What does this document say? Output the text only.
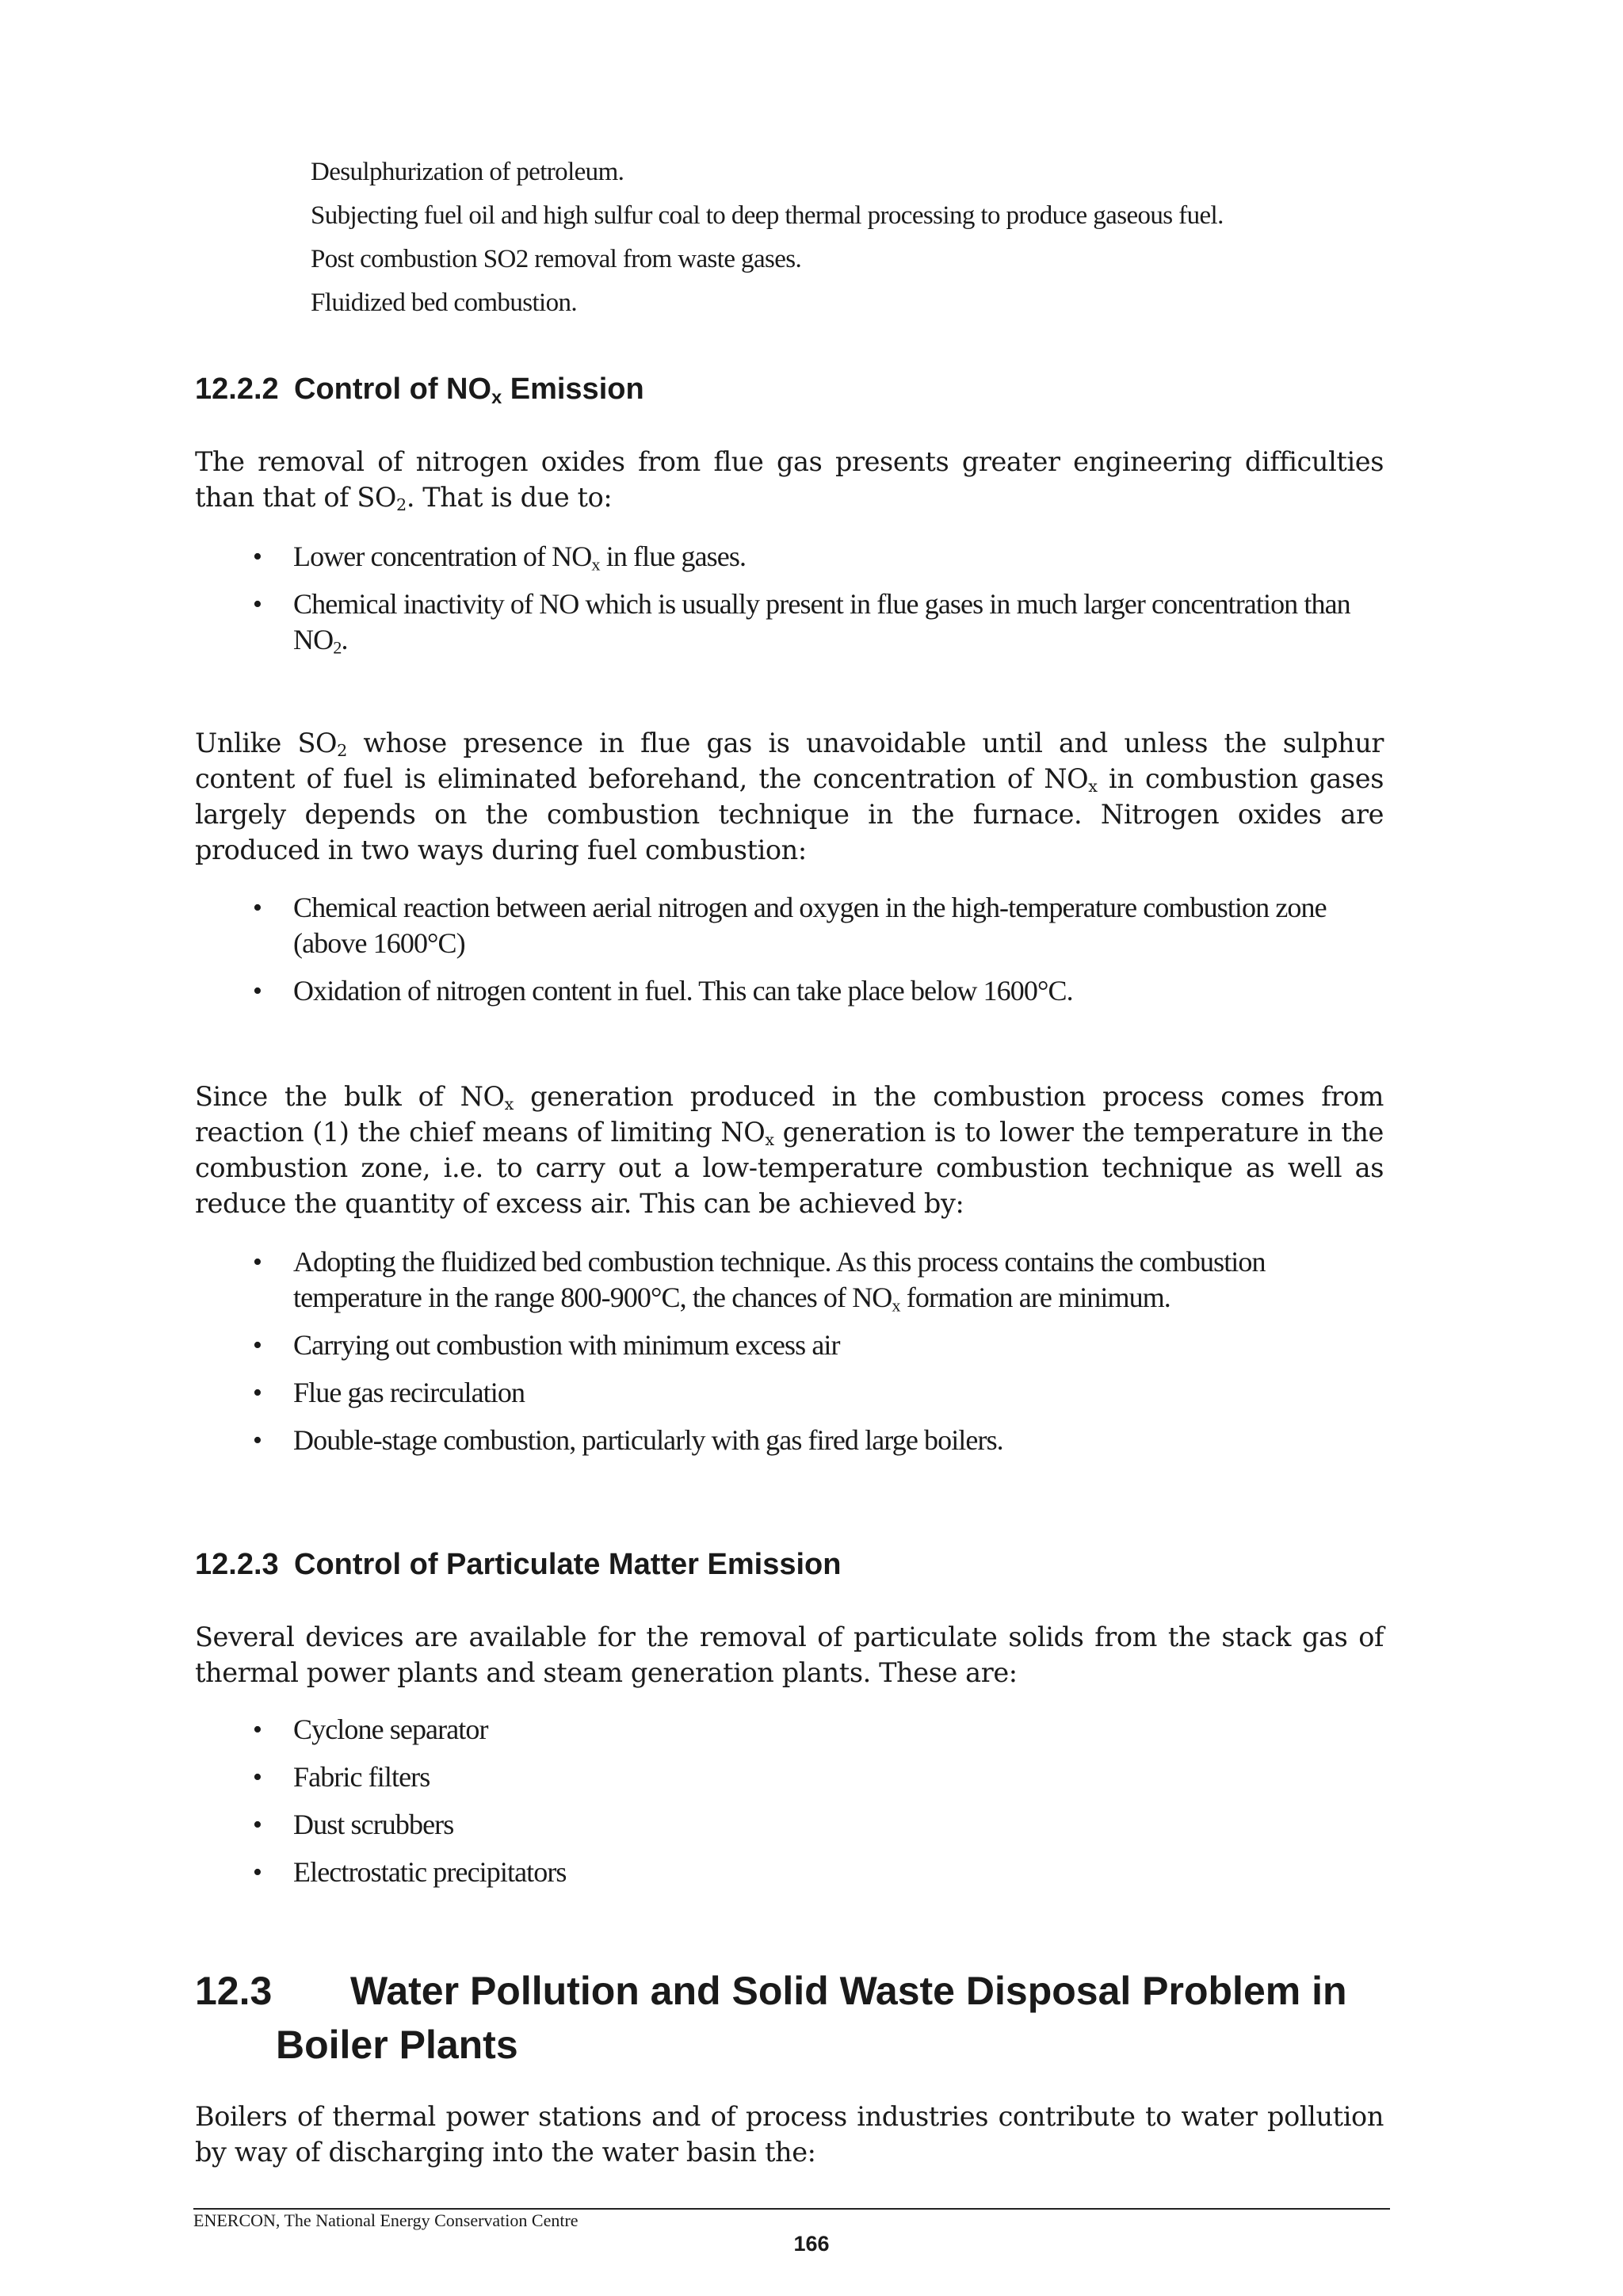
Desulphurization of petroleum.
Subjecting fuel oil and high sulfur coal to deep thermal processing to produce gaseous fuel.
Post combustion SO2 removal from waste gases.
Fluidized bed combustion.
12.2.2 Control of $NO_x$ Emission
The removal of nitrogen oxides from flue gas presents greater engineering difficulties than that of $SO_2$. That is due to:
• Lower concentration of $NO_x$ in flue gases.
• Chemical inactivity of NO which is usually present in flue gases in much larger concentration than $NO_2$.
Unlike $SO_2$ whose presence in flue gas is unavoidable until and unless the sulphur content of fuel is eliminated beforehand, the concentration of $NO_x$ in combustion gases largely depends on the combustion technique in the furnace. Nitrogen oxides are produced in two ways during fuel combustion:
• Chemical reaction between aerial nitrogen and oxygen in the high-temperature combustion zone (above 1600°C)
• Oxidation of nitrogen content in fuel. This can take place below 1600°C.
Since the bulk of $NO_x$ generation produced in the combustion process comes from reaction (1) the chief means of limiting $NO_x$ generation is to lower the temperature in the combustion zone, i.e. to carry out a low-temperature combustion technique as well as reduce the quantity of excess air. This can be achieved by:
• Adopting the fluidized bed combustion technique. As this process contains the combustion temperature in the range 800-900°C, the chances of $NO_x$ formation are minimum.
• Carrying out combustion with minimum excess air
• Flue gas recirculation
• Double-stage combustion, particularly with gas fired large boilers.
12.2.3 Control of Particulate Matter Emission
Several devices are available for the removal of particulate solids from the stack gas of thermal power plants and steam generation plants. These are:
• Cyclone separator
• Fabric filters
• Dust scrubbers
• Electrostatic precipitators
12.3 Water Pollution and Solid Waste Disposal Problem in
Boiler Plants
Boilers of thermal power stations and of process industries contribute to water pollution by way of discharging into the water basin the:
ENERCON, The National Energy Conservation Centre
166
